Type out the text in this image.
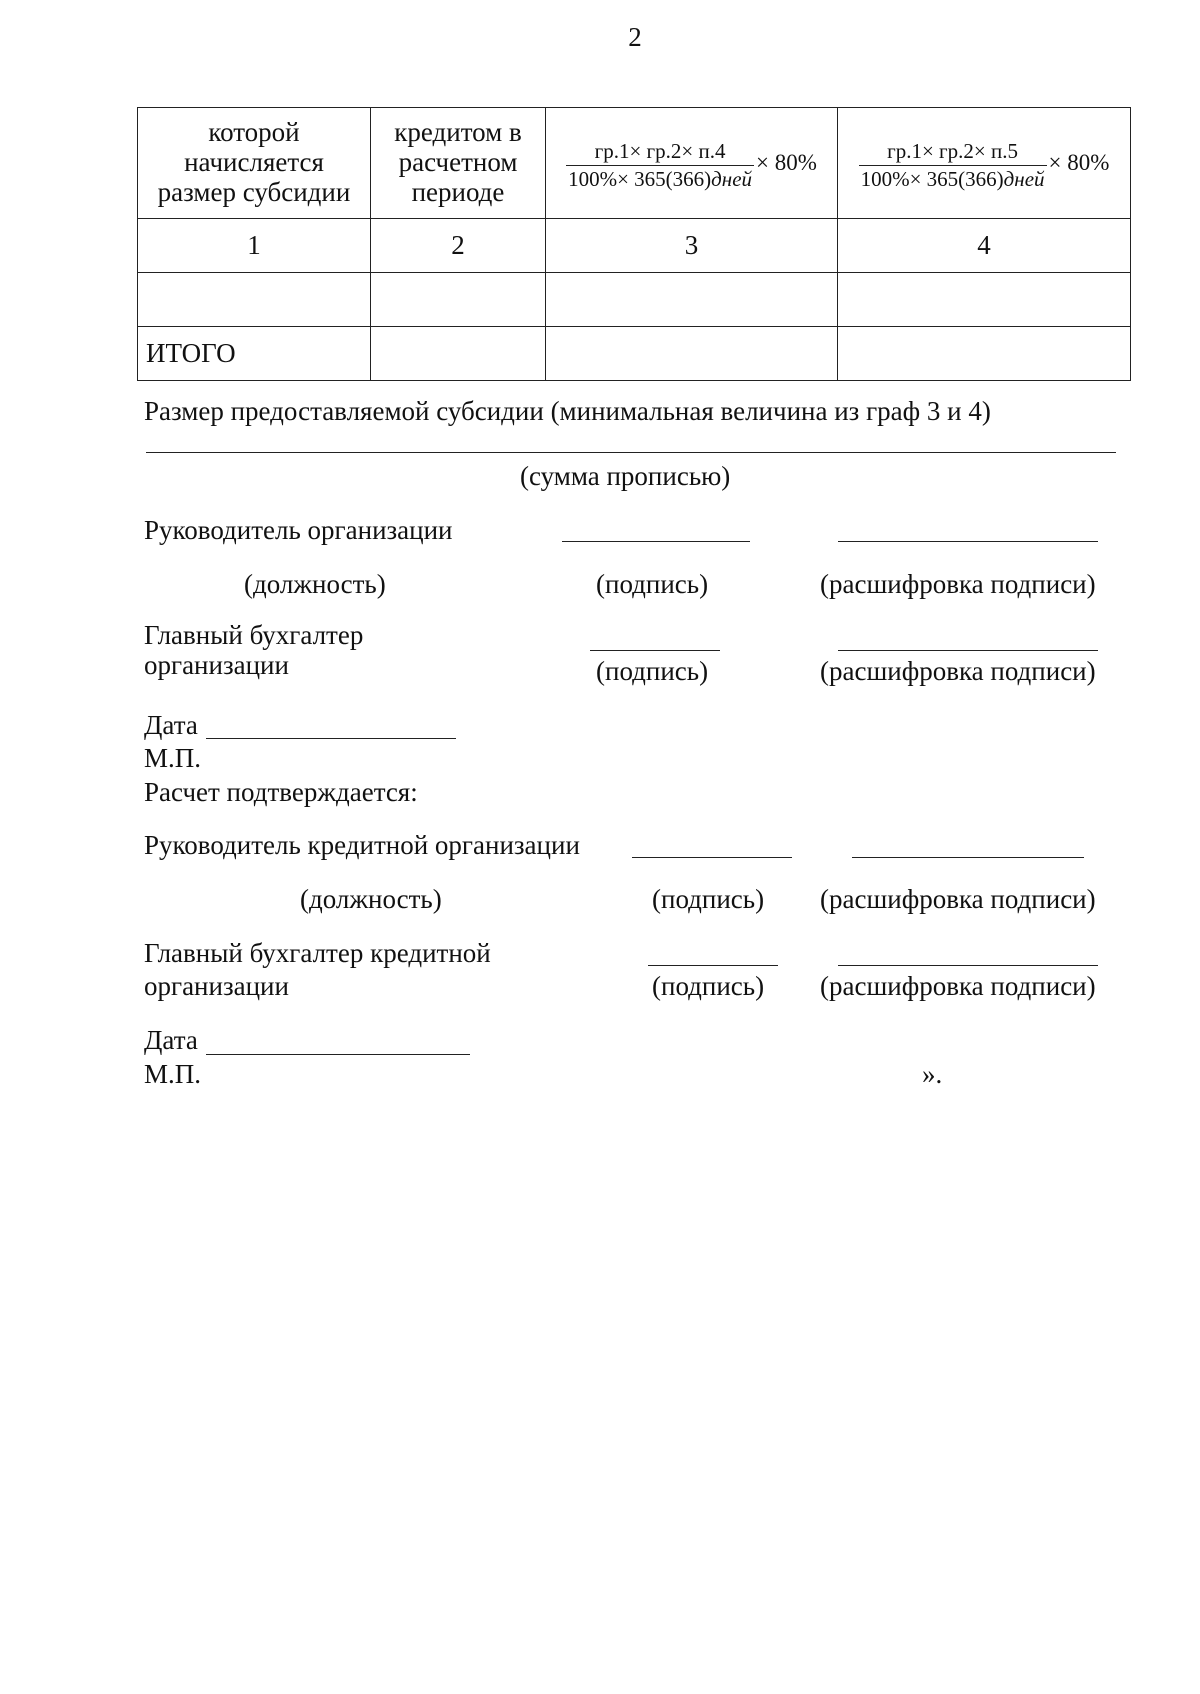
2
которой начисляется размер субсидии	кредитом в расчетном периоде	$\frac{гр.1\times гр.2\times п.4}{\text{100\%× 365(366)дней}} \times 80\%$	$\frac{гр.1\times гр.2\times п.5}{\text{100\%× 365(366)дней}} \times 80\%$

1	2	3	4

ИТОГО			
Размер предоставляемой субсидии (минимальная величина из граф 3 и 4)
(сумма прописью)
Руководитель организации
(должность)	(подпись)	(расшифровка подписи)
Главный бухгалтер
организации	(подпись)	(расшифровка подписи)
Дата
М.П.
Расчет подтверждается:
Руководитель кредитной организации
(должность)	(подпись) (расшифровка подписи)
Главный бухгалтер кредитной
организации	(подпись) (расшифровка подписи)
Дата
М.П.	».
